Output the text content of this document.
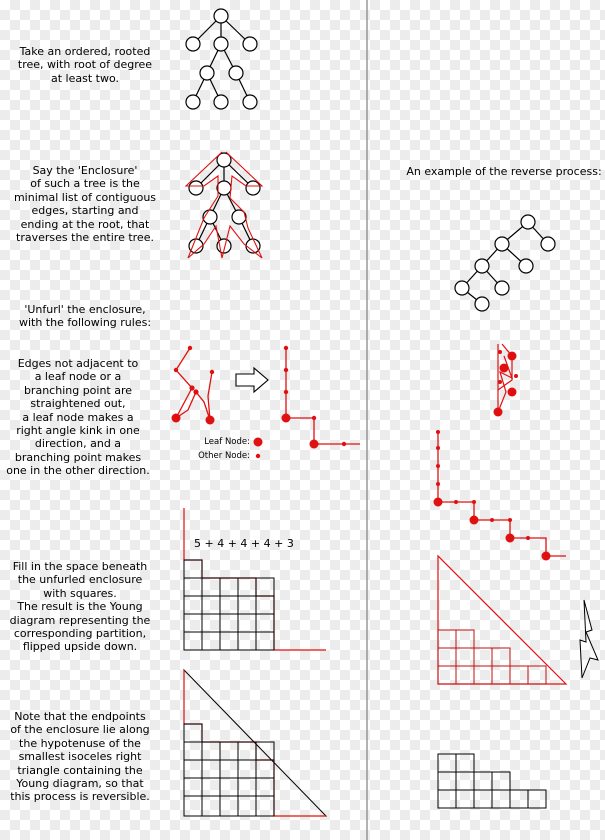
Take an ordered, rooted
tree, with root of degree
at least two.
Say the 'Enclosure'
of such a tree is the
minimal list of contiguous
edges, starting and
ending at the root, that
traverses the entire tree.
'Unfurl' the enclosure,
with the following rules:
Edges not adjacent to
a leaf node or a
branching point are
straightened out,
a leaf node makes a
right angle kink in one
direction, and a
branching point makes
one in the other direction.
Fill in the space beneath
the unfurled enclosure
with squares.
The result is the Young
diagram representing the
corresponding partition,
flipped upside down.
Note that the endpoints
of the enclosure lie along
the hypotenuse of the
smallest isoceles right
triangle containing the
Young diagram, so that
this process is reversible.
Leaf Node:
Other Node:
5 + 4 + 4 + 4 + 3
An example of the reverse process:
